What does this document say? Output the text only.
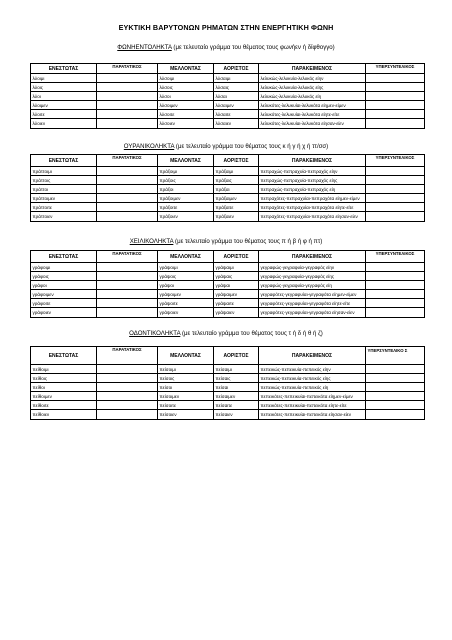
ΕΥΚΤΙΚΗ ΒΑΡΥΤΟΝΩΝ ΡΗΜΑΤΩΝ ΣΤΗΝ ΕΝΕΡΓΗΤΙΚΗ ΦΩΝΗ
ΦΩΝΗΕΝΤΟΛΗΚΤΑ (με τελευταίο γράμμα του θέματος τους φωνήεν ή δίφθογγο)
ΕΝΕΣΤΩΤΑΣ	ΠΑΡΑΤΑΤΙΚΟΣ	ΜΕΛΛΟΝΤΑΣ	ΑΟΡΙΣΤΟΣ	ΠΑΡΑΚΕΙΜΕΝΟΣ	ΥΠΕΡΣΥΝΤΕΛΙΚΟΣ
λύοιμι		λύσοιμι	λύσαιμι	λελυκώς-λελυκυία-λελυκός είην	
λύοις		λύσοις	λύσαις	λελυκώς-λελυκυία-λελυκός είης	
λύοι		λύσοι	λύσαι	λελυκώς-λελυκυία-λελυκός είη	
λύοιμεν		λύσοιμεν	λύσαιμεν	λελυκότες-λελυκυίαι-λελυκότα είημεν-είμεν	
λύοιτε		λύσοιτε	λύσαιτε	λελυκότες-λελυκυίαι-λελυκότα είητε-είτε	
λύοιεν		λύσοιεν	λύσαιεν	λελυκότες-λελυκυίαι-λελυκότα είησαν-είεν	
ΟΥΡΑΝΙΚΟΛΗΚΤΑ (με τελευταίο γράμμα του θέματος τους κ ή γ ή χ ή ττ/σσ)
ΕΝΕΣΤΩΤΑΣ	ΠΑΡΑΤΑΤΙΚΟΣ	ΜΕΛΛΟΝΤΑΣ	ΑΟΡΙΣΤΟΣ	ΠΑΡΑΚΕΙΜΕΝΟΣ	ΥΠΕΡΣΥΝΤΕΛΙΚΟΣ
πράττοιμι		πράξοιμι	πράξαιμι	πεπραχώς-πεπραχυία-πεπραχός είην	
πράττοις		πράξοις	πράξαις	πεπραχώς-πεπραχυία-πεπραχός είης	
πράττοι		πράξοι	πράξαι	πεπραχώς-πεπραχυία-πεπραχός είη	
πράττοιμεν		πράξοιμεν	πράξαιμεν	πεπραχότες-πεπραχυίαι-πεπραχότα είημεν-είμεν	
πράττοιτε		πράξοιτε	πράξαιτε	πεπραχότες-πεπραχυίαι-πεπραχότα είητε-είτε	
πράττοιεν		πράξοιεν	πράξαιεν	πεπραχότες-πεπραχυίαι-πεπραχότα είησαν-είεν	
ΧΕΙΛΙΚΟΛΗΚΤΑ (με τελευταίο γράμμα του θέματος τους π ή β ή φ ή πτ)
ΕΝΕΣΤΩΤΑΣ	ΠΑΡΑΤΑΤΙΚΟΣ	ΜΕΛΛΟΝΤΑΣ	ΑΟΡΙΣΤΟΣ	ΠΑΡΑΚΕΙΜΕΝΟΣ	ΥΠΕΡΣΥΝΤΕΛΙΚΟΣ
γράφοιμι		γράψοιμι	γράψαιμι	γεγραφώς-γεγραφυία-γεγραφός είην	
γράφοις		γράψοις	γράψαις	γεγραφώς-γεγραφυία-γεγραφός είης	
γράφοι		γράψοι	γράψαι	γεγραφώς-γεγραφυία-γεγραφός είη	
γράφοιμεν		γράψοιμεν	γράψαιμεν	γεγραφότες-γεγραφυίαι-γεγραφότα είημεν-είμεν	
γράφοιτε		γράψοιτε	γράψαιτε	γεγραφότες-γεγραφυίαι-γεγραφότα είητε-είτε	
γράφοιεν		γράψοιεν	γράψαιεν	γεγραφότες-γεγραφυίαι-γεγραφότα είησαν-είεν	
ΟΔΟΝΤΙΚΟΛΗΚΤΑ (με τελευταίο γράμμα του θέματος τους τ ή δ ή θ ή ζ)
ΕΝΕΣΤΩΤΑΣ	ΠΑΡΑΤΑΤΙΚΟΣ	ΜΕΛΛΟΝΤΑΣ	ΑΟΡΙΣΤΟΣ	ΠΑΡΑΚΕΙΜΕΝΟΣ	ΥΠΕΡΣΥΝΤΕΛΙΚΟ Σ
πείθοιμι		πείσοιμι	πείσαιμι	πεπεικώς-πεπεικυία-πεπεικός είην	
πείθοις		πείσοις	πείσαις	πεπεικώς-πεπεικυία-πεπεικός είης	
πείθοι		πείσοι	πείσαι	πεπεικώς-πεπεικυία-πεπεικός είη	
πείθοιμεν		πείσοιμεν	πείσαιμεν	πεπεικότες-πεπεικυίαι-πεπεικότα είημεν-είμεν	
πείθοιτε		πείσοιτε	πείσαιτε	πεπεικότες-πεπεικυίαι-πεπεικότα είητε-είτε	
πείθοιεν		πείσοιεν	πείσαιεν	πεπεικότες-πεπεικυίαι-πεπεικότα είησαν-είεν	
